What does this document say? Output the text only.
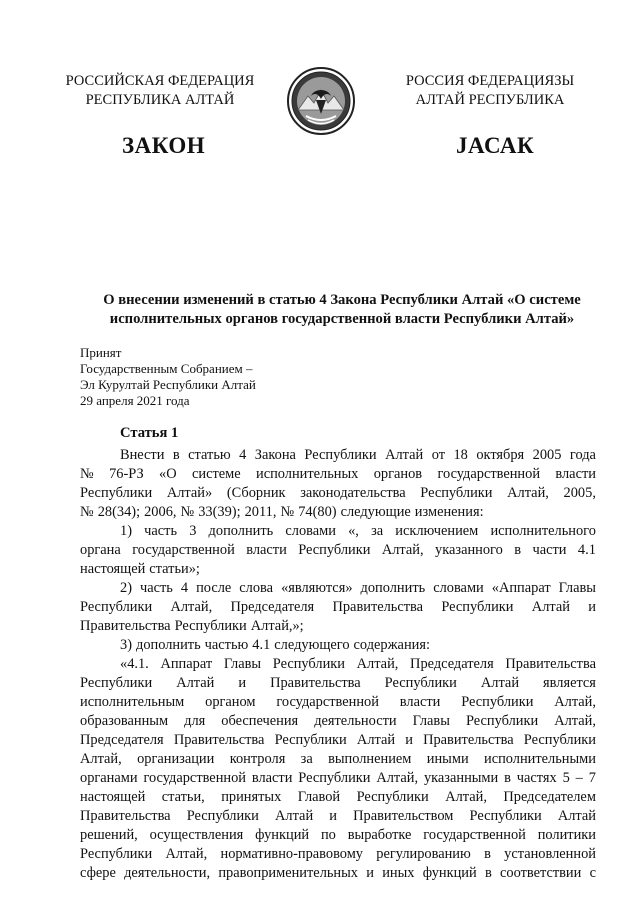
РОССИЙСКАЯ ФЕДЕРАЦИЯ
РЕСПУБЛИКА АЛТАЙ
РОССИЯ ФЕДЕРАЦИЯЗЫ
АЛТАЙ РЕСПУБЛИКА
ЗАКОН	JАСАК
О внесении изменений в статью 4 Закона Республики Алтай «О системе
исполнительных органов государственной власти Республики Алтай»
Принят
Государственным Собранием –
Эл Курултай Республики Алтай
29 апреля 2021 года
Статья 1
Внести в статью 4 Закона Республики Алтай от 18 октября 2005 года
№ 76-РЗ «О системе исполнительных органов государственной власти
Республики Алтай» (Сборник законодательства Республики Алтай, 2005,
№ 28(34); 2006, № 33(39); 2011, № 74(80) следующие изменения:
1) часть 3 дополнить словами «, за исключением исполнительного
органа государственной власти Республики Алтай, указанного в части 4.1
настоящей статьи»;
2) часть 4 после слова «являются» дополнить словами «Аппарат Главы
Республики Алтай, Председателя Правительства Республики Алтай и
Правительства Республики Алтай,»;
3) дополнить частью 4.1 следующего содержания:
«4.1. Аппарат Главы Республики Алтай, Председателя Правительства
Республики Алтай и Правительства Республики Алтай является
исполнительным органом государственной власти Республики Алтай,
образованным для обеспечения деятельности Главы Республики Алтай,
Председателя Правительства Республики Алтай и Правительства Республики
Алтай, организации контроля за выполнением иными исполнительными
органами государственной власти Республики Алтай, указанными в частях 5 – 7
настоящей статьи, принятых Главой Республики Алтай, Председателем
Правительства Республики Алтай и Правительством Республики Алтай
решений, осуществления функций по выработке государственной политики
Республики Алтай, нормативно-правовому регулированию в установленной
сфере деятельности, правоприменительных и иных функций в соответствии с
